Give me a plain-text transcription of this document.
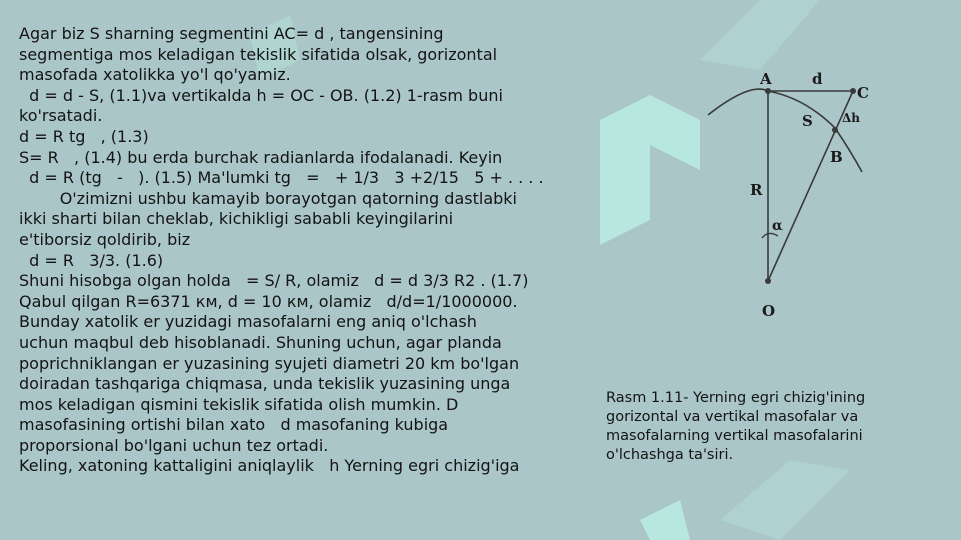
Agar biz S sharning segmentini AC= d , tangensining
segmentiga mos keladigan tekislik sifatida olsak, gorizontal
masofada xatolikka yo'l qo'yamiz.
d = d - S, (1.1)va vertikalda h = OC - OB. (1.2) 1-rasm buni
ko'rsatadi.
d = R tg   , (1.3)
S= R   , (1.4) bu erda burchak radianlarda ifodalanadi. Keyin
d = R (tg   -   ). (1.5) Ma'lumki tg   =   + 1/3   3 +2/15   5 + . . . .
O'zimizni ushbu kamayib borayotgan qatorning dastlabki
ikki sharti bilan cheklab, kichikligi sababli keyingilarini
e'tiborsiz qoldirib, biz
d = R   3/3. (1.6)
Shuni hisobga olgan holda   = S/ R, olamiz   d = d 3/3 R2 . (1.7)
Qabul qilgan R=6371 км, d = 10 км, olamiz   d/d=1/1000000.
Bunday xatolik er yuzidagi masofalarni eng aniq o'lchash
uchun maqbul deb hisoblanadi. Shuning uchun, agar planda
poprichniklangan er yuzasining syujeti diametri 20 km bo'lgan
doiradan tashqariga chiqmasa, unda tekislik yuzasining unga
mos keladigan qismini tekislik sifatida olish mumkin. D
masofasining ortishi bilan xato   d masofaning kubiga
proporsional bo'lgani uchun tez ortadi.
Keling, xatoning kattaligini aniqlaylik   h Yerning egri chizig'iga
A	d
C
S Δh
B
R
α
O
Rasm 1.11- Yerning egri chizig'ining
gorizontal va vertikal masofalar va
masofalarning vertikal masofalarini
o'lchashga ta'siri.
